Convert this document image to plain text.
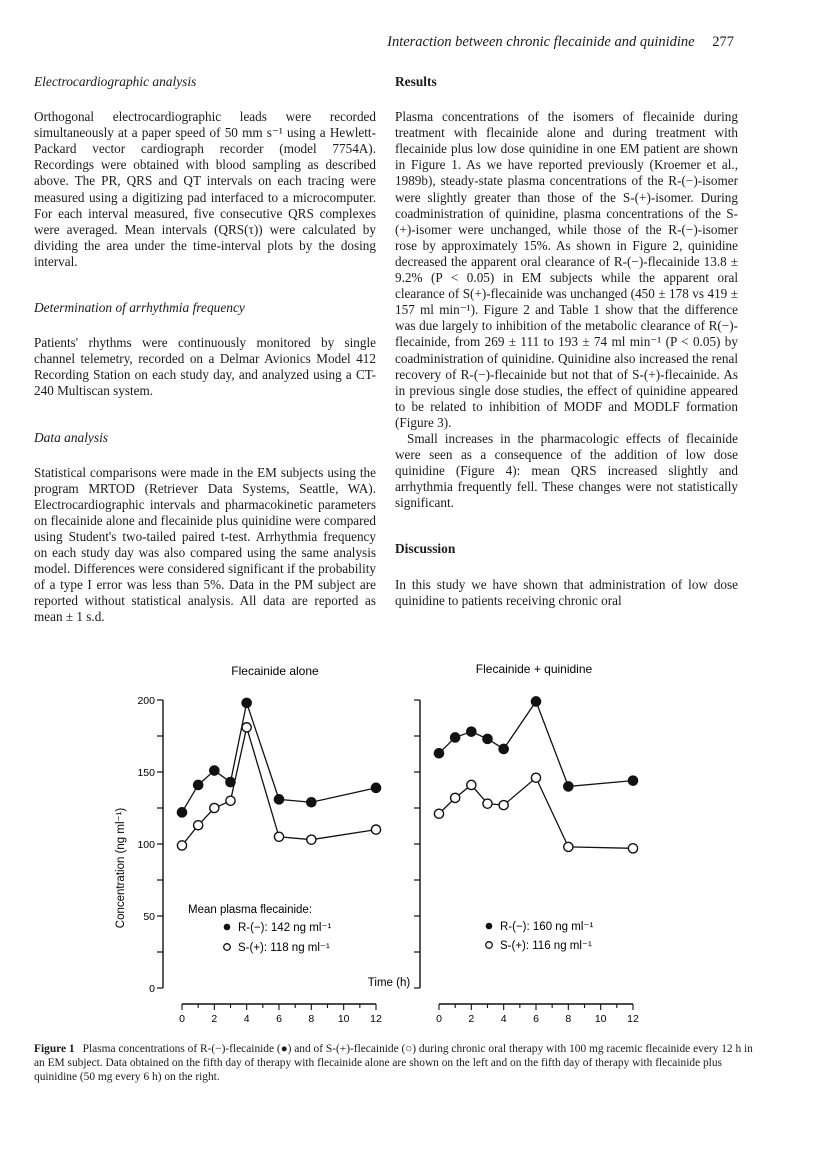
Interaction between chronic flecainide and quinidine 277
Electrocardiographic analysis

Orthogonal electrocardiographic leads were recorded simultaneously at a paper speed of 50 mm s⁻¹ using a Hewlett-Packard vector cardiograph recorder (model 7754A). Recordings were obtained with blood sampling as described above. The PR, QRS and QT intervals on each tracing were measured using a digitizing pad interfaced to a microcomputer. For each interval measured, five consecutive QRS complexes were averaged. Mean intervals (QRS(τ)) were calculated by dividing the area under the time-interval plots by the dosing interval.

Determination of arrhythmia frequency

Patients' rhythms were continuously monitored by single channel telemetry, recorded on a Delmar Avionics Model 412 Recording Station on each study day, and analyzed using a CT-240 Multiscan system.

Data analysis

Statistical comparisons were made in the EM subjects using the program MRTOD (Retriever Data Systems, Seattle, WA). Electrocardiographic intervals and pharmacokinetic parameters on flecainide alone and flecainide plus quinidine were compared using Student's two-tailed paired t-test. Arrhythmia frequency on each study day was also compared using the same analysis model. Differences were considered significant if the probability of a type I error was less than 5%. Data in the PM subject are reported without statistical analysis. All data are reported as mean ± 1 s.d.

Results

Plasma concentrations of the isomers of flecainide during treatment with flecainide alone and during treatment with flecainide plus low dose quinidine in one EM patient are shown in Figure 1. As we have reported previously (Kroemer et al., 1989b), steady-state plasma concentrations of the R-(−)-isomer were slightly greater than those of the S-(+)-isomer. During coadministration of quinidine, plasma concentrations of the S-(+)-isomer were unchanged, while those of the R-(−)-isomer rose by approximately 15%. As shown in Figure 2, quinidine decreased the apparent oral clearance of R-(−)-flecainide 13.8 ± 9.2% (P < 0.05) in EM subjects while the apparent oral clearance of S(+)-flecainide was unchanged (450 ± 178 vs 419 ± 157 ml min⁻¹). Figure 2 and Table 1 show that the difference was due largely to inhibition of the metabolic clearance of R(−)-flecainide, from 269 ± 111 to 193 ± 74 ml min⁻¹ (P < 0.05) by coadministration of quinidine. Quinidine also increased the renal recovery of R-(−)-flecainide but not that of S-(+)-flecainide. As in previous single dose studies, the effect of quinidine appeared to be related to inhibition of MODF and MODLF formation (Figure 3).

Small increases in the pharmacologic effects of flecainide were seen as a consequence of the addition of low dose quinidine (Figure 4): mean QRS increased slightly and arrhythmia frequently fell. These changes were not statistically significant.

Discussion

In this study we have shown that administration of low dose quinidine to patients receiving chronic oral

Flecainide alone	Flecainide + quinidine
Concentration (ng ml⁻¹)
0
50
100
150
200
0	2	4	6	8 10 12	0	2	4	6	8 10 12
Time (h)
Mean plasma flecainide:
R-(−): 142 ng ml⁻¹
S-(+): 118 ng ml⁻¹
R-(−): 160 ng ml⁻¹
S-(+): 116 ng ml⁻¹
Figure 1 Plasma concentrations of R-(−)-flecainide (●) and of S-(+)-flecainide (○) during chronic oral therapy with 100 mg racemic flecainide every 12 h in an EM subject. Data obtained on the fifth day of therapy with flecainide alone are shown on the left and on the fifth day of therapy with flecainide plus quinidine (50 mg every 6 h) on the right.
